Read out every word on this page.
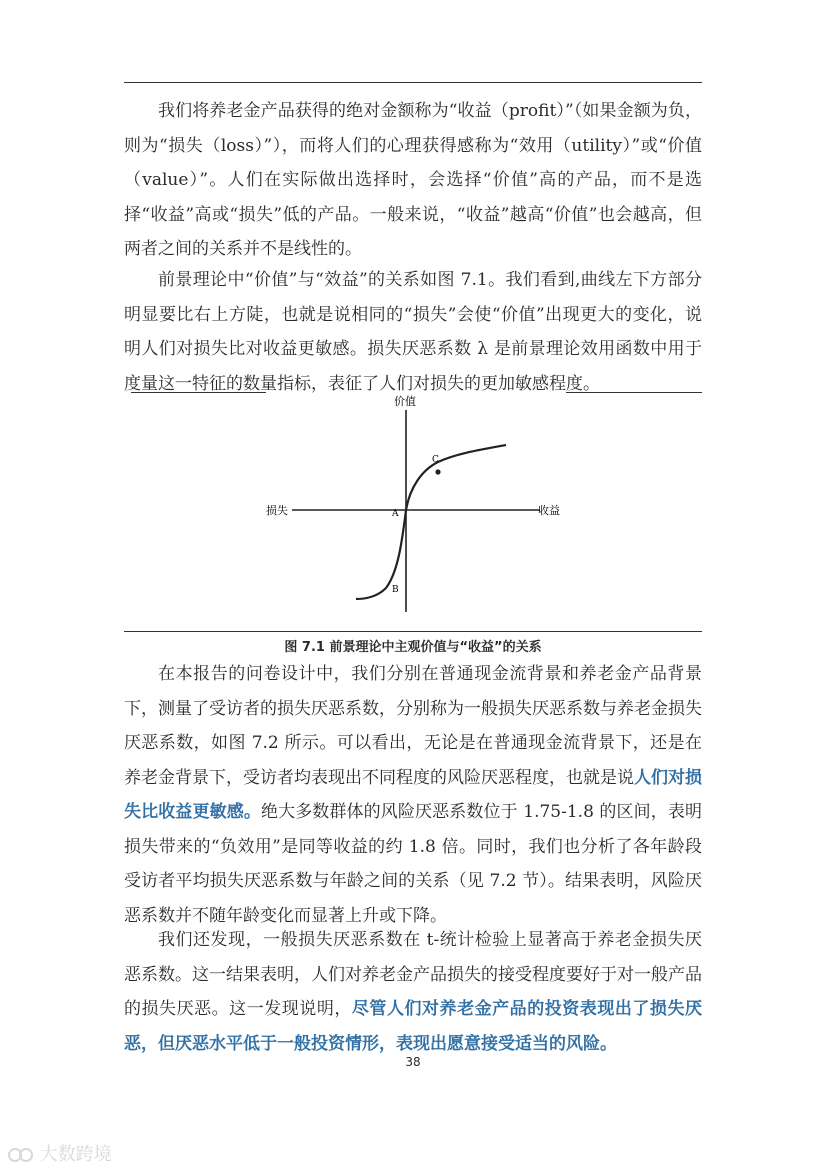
我们将养老金产品获得的绝对金额称为“收益（profit）”（如果金额为负，则为“损失（loss）”），而将人们的心理获得感称为“效用（utility）”或“价值（value）”。人们在实际做出选择时，会选择“价值”高的产品，而不是选择“收益”高或“损失”低的产品。一般来说，“收益”越高“价值”也会越高，但两者之间的关系并不是线性的。

前景理论中“价值”与“效益”的关系如图 7.1。我们看到,曲线左下方部分明显要比右上方陡，也就是说相同的“损失”会使“价值”出现更大的变化，说明人们对损失比对收益更敏感。损失厌恶系数 λ 是前景理论效用函数中用于度量这一特征的数量指标，表征了人们对损失的更加敏感程度。

价值
损失	收益
A
B
C
图 7.1 前景理论中主观价值与“收益”的关系

在本报告的问卷设计中，我们分别在普通现金流背景和养老金产品背景下，测量了受访者的损失厌恶系数，分别称为一般损失厌恶系数与养老金损失厌恶系数，如图 7.2 所示。可以看出，无论是在普通现金流背景下，还是在养老金背景下，受访者均表现出不同程度的风险厌恶程度，也就是说人们对损失比收益更敏感。绝大多数群体的风险厌恶系数位于 1.75-1.8 的区间，表明损失带来的“负效用”是同等收益的约 1.8 倍。同时，我们也分析了各年龄段受访者平均损失厌恶系数与年龄之间的关系（见 7.2 节）。结果表明，风险厌恶系数并不随年龄变化而显著上升或下降。

我们还发现，一般损失厌恶系数在 t-统计检验上显著高于养老金损失厌恶系数。这一结果表明，人们对养老金产品损失的接受程度要好于对一般产品的损失厌恶。这一发现说明，尽管人们对养老金产品的投资表现出了损失厌恶，但厌恶水平低于一般投资情形，表现出愿意接受适当的风险。

38
大数跨境
